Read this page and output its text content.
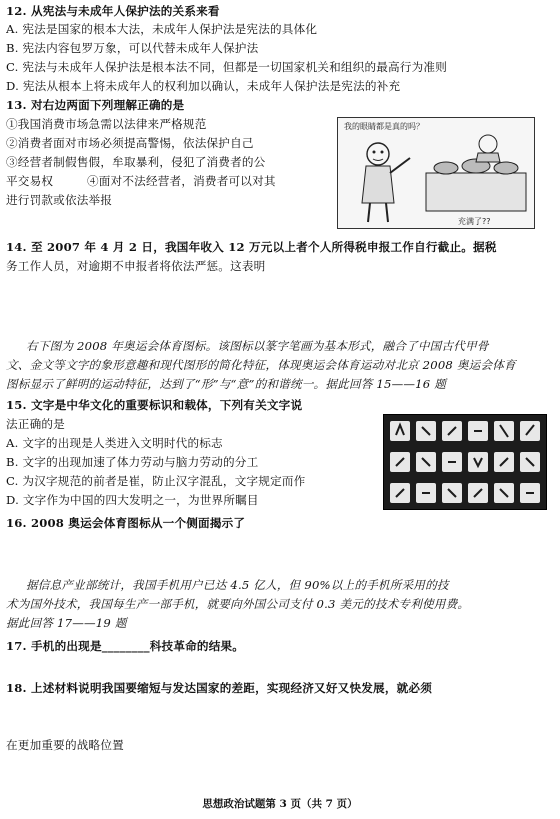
12. 从宪法与未成年人保护法的关系来看
A. 宪法是国家的根本大法，未成年人保护法是宪法的具体化
B. 宪法内容包罗万象，可以代替未成年人保护法
C. 宪法与未成年人保护法是根本法不同，但都是一切国家机关和组织的最高行为准则
D. 宪法从根本上将未成年人的权利加以确认，未成年人保护法是宪法的补充
13. 对右边两面下列理解正确的是
①我国消费市场急需以法律来严格规范
②消费者面对市场必须提高警惕，依法保护自己
③经营者制假售假，牟取暴利，侵犯了消费者的公
平交易权	④面对不法经营者，消费者可以对其
进行罚款或依法举报
我的眼睛都是真的吗？
充满了??
14. 至 2007 年 4 月 2 日，我国年收入 12 万元以上者个人所得税申报工作自行截止。据税
务工作人员，对逾期不申报者将依法严惩。这表明
右下图为 2008 年奥运会体育图标。该图标以篆字笔画为基本形式，融合了中国古代甲骨
文、金文等文字的象形意趣和现代图形的简化特征，体现奥运会体育运动对北京 2008 奥运会体育
图标显示了鲜明的运动特征，达到了“形”与“意”的和谐统一。据此回答 15——16 题
15. 文字是中华文化的重要标识和载体，下列有关文字说
法正确的是
A. 文字的出现是人类进入文明时代的标志
B. 文字的出现加速了体力劳动与脑力劳动的分工
C. 为汉字规范的前者是崔，防止汉字混乱，文字规定而作
D. 文字作为中国的四大发明之一，为世界所瞩目
16. 2008 奥运会体育图标从一个侧面揭示了
据信息产业部统计，我国手机用户已达 4.5 亿人，但 90%以上的手机所采用的技
术为国外技术，我国每生产一部手机，就要向外国公司支付 0.3 美元的技术专利使用费。
据此回答 17——19 题
17. 手机的出现是________科技革命的结果。
18. 上述材料说明我国要缩短与发达国家的差距，实现经济又好又快发展，就必须
在更加重要的战略位置
思想政治试题第 3 页（共 7 页）
